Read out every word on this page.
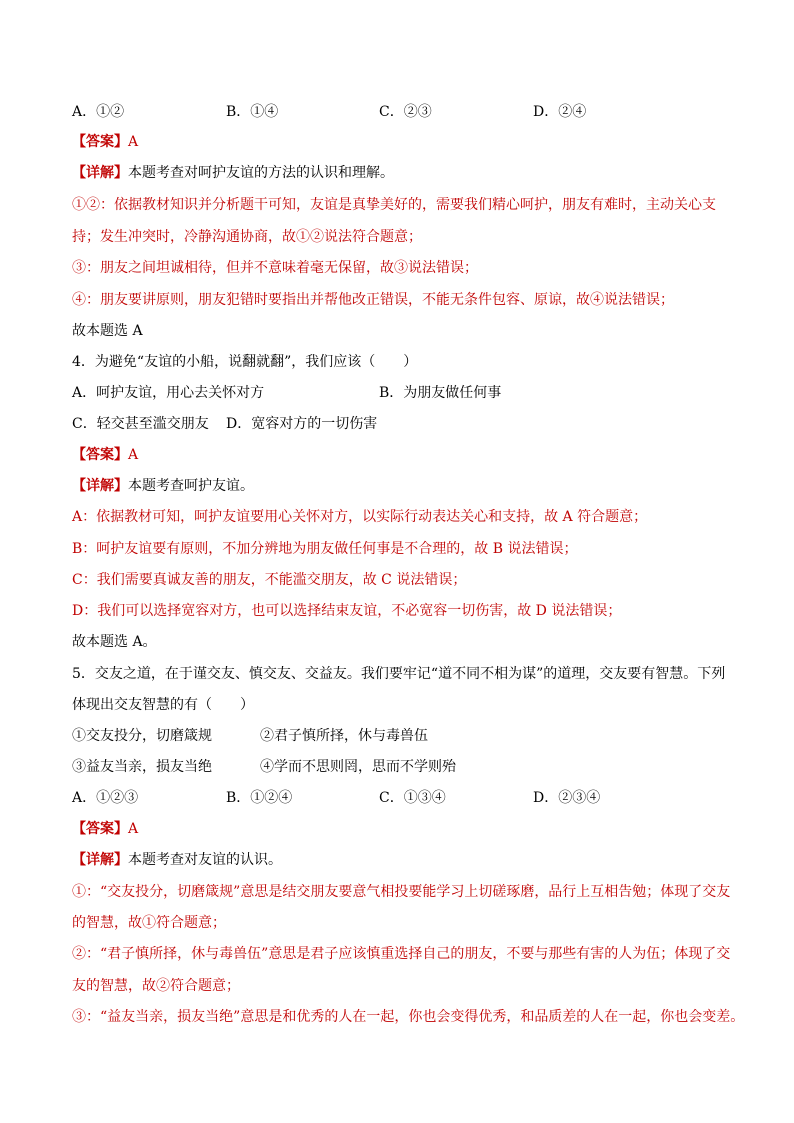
A．①②	B．①④	C．②③	D．②④
【答案】A
【详解】本题考查对呵护友谊的方法的认识和理解。
①②：依据教材知识并分析题干可知，友谊是真挚美好的，需要我们精心呵护，朋友有难时，主动关心支
持；发生冲突时，冷静沟通协商，故①②说法符合题意；
③：朋友之间坦诚相待，但并不意味着毫无保留，故③说法错误；
④：朋友要讲原则，朋友犯错时要指出并帮他改正错误，不能无条件包容、原谅，故④说法错误；
故本题选 A
4．为避免“友谊的小船，说翻就翻”，我们应该（　　）
A．呵护友谊，用心去关怀对方	B．为朋友做任何事
C．轻交甚至滥交朋友 D．宽容对方的一切伤害
【答案】A
【详解】本题考查呵护友谊。
A：依据教材可知，呵护友谊要用心关怀对方，以实际行动表达关心和支持，故 A 符合题意；
B：呵护友谊要有原则，不加分辨地为朋友做任何事是不合理的，故 B 说法错误；
C：我们需要真诚友善的朋友，不能滥交朋友，故 C 说法错误；
D：我们可以选择宽容对方，也可以选择结束友谊，不必宽容一切伤害，故 D 说法错误；
故本题选 A。
5．交友之道，在于谨交友、慎交友、交益友。我们要牢记“道不同不相为谋”的道理，交友要有智慧。下列
体现出交友智慧的有（　　）
①交友投分，切磨箴规	②君子慎所择，休与毒兽伍
③益友当亲，损友当绝	④学而不思则罔，思而不学则殆
A．①②③	B．①②④	C．①③④	D．②③④
【答案】A
【详解】本题考查对友谊的认识。
①：“交友投分，切磨箴规”意思是结交朋友要意气相投要能学习上切磋琢磨，品行上互相告勉；体现了交友
的智慧，故①符合题意；
②：“君子慎所择，休与毒兽伍”意思是君子应该慎重选择自己的朋友，不要与那些有害的人为伍；体现了交
友的智慧，故②符合题意；
③：“益友当亲，损友当绝”意思是和优秀的人在一起，你也会变得优秀，和品质差的人在一起，你也会变差。
